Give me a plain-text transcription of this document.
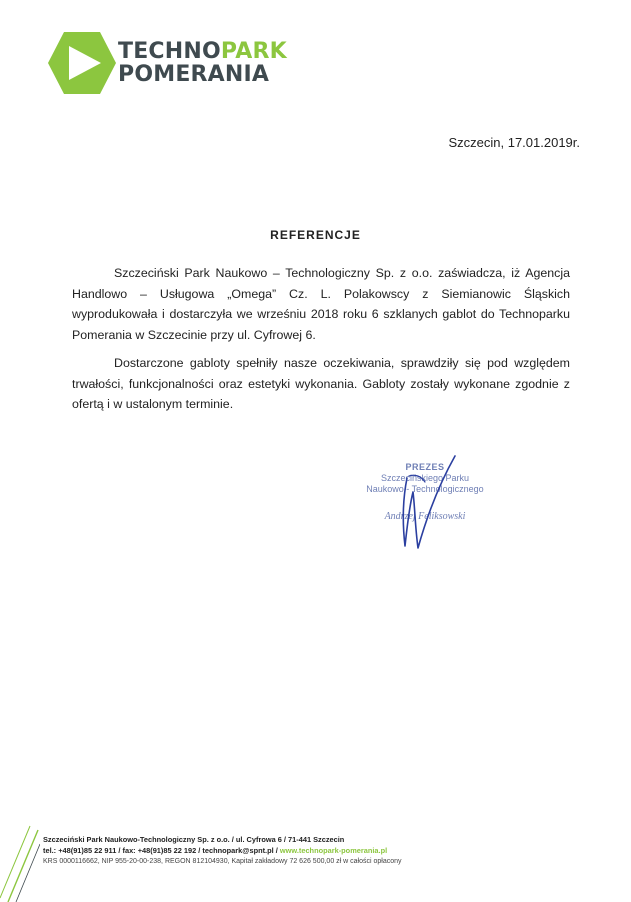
TECHNOPARK
POMERANIA
Szczecin, 17.01.2019r.
REFERENCJE

Szczeciński Park Naukowo – Technologiczny Sp. z o.o. zaświadcza, iż Agencja Handlowo – Usługowa „Omega” Cz. L. Polakowscy z Siemianowic Śląskich wyprodukowała i dostarczyła we wrześniu 2018 roku 6 szklanych gablot do Technoparku Pomerania w Szczecinie przy ul. Cyfrowej 6.

Dostarczone gabloty spełniły nasze oczekiwania, sprawdziły się pod względem trwałości, funkcjonalności oraz estetyki wykonania. Gabloty zostały wykonane zgodnie z ofertą i w ustalonym terminie.

PREZES
Szczecińskiego Parku
Naukowo - Technologicznego
Andrzej Feliksowski
Szczeciński Park Naukowo-Technologiczny Sp. z o.o. / ul. Cyfrowa 6 / 71-441 Szczecin
tel.: +48(91)85 22 911 / fax: +48(91)85 22 192 / technopark@spnt.pl / www.technopark-pomerania.pl
KRS 0000116662, NIP 955-20-00-238, REGON 812104930, Kapitał zakładowy 72 626 500,00 zł w całości opłacony
